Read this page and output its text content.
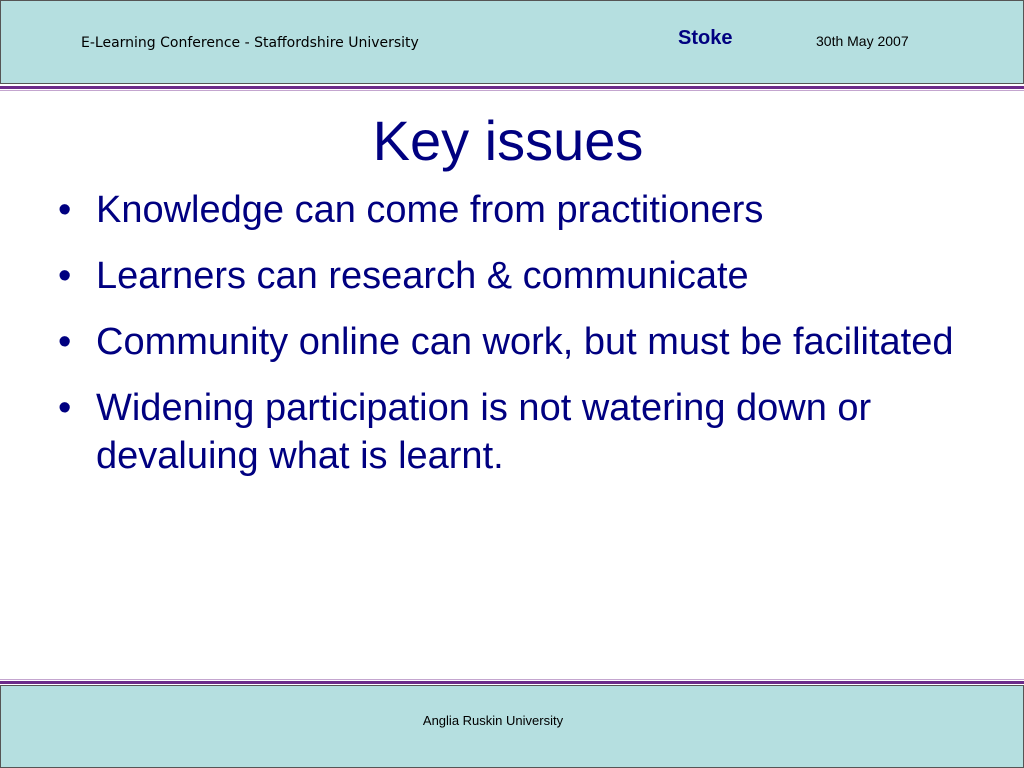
E-Learning Conference - Staffordshire University	Stoke	30th May 2007
Key issues
• Knowledge can come from practitioners
• Learners can research & communicate
• Community online can work, but must be facilitated
• Widening participation is not watering down or devaluing what is learnt.
Anglia Ruskin University
